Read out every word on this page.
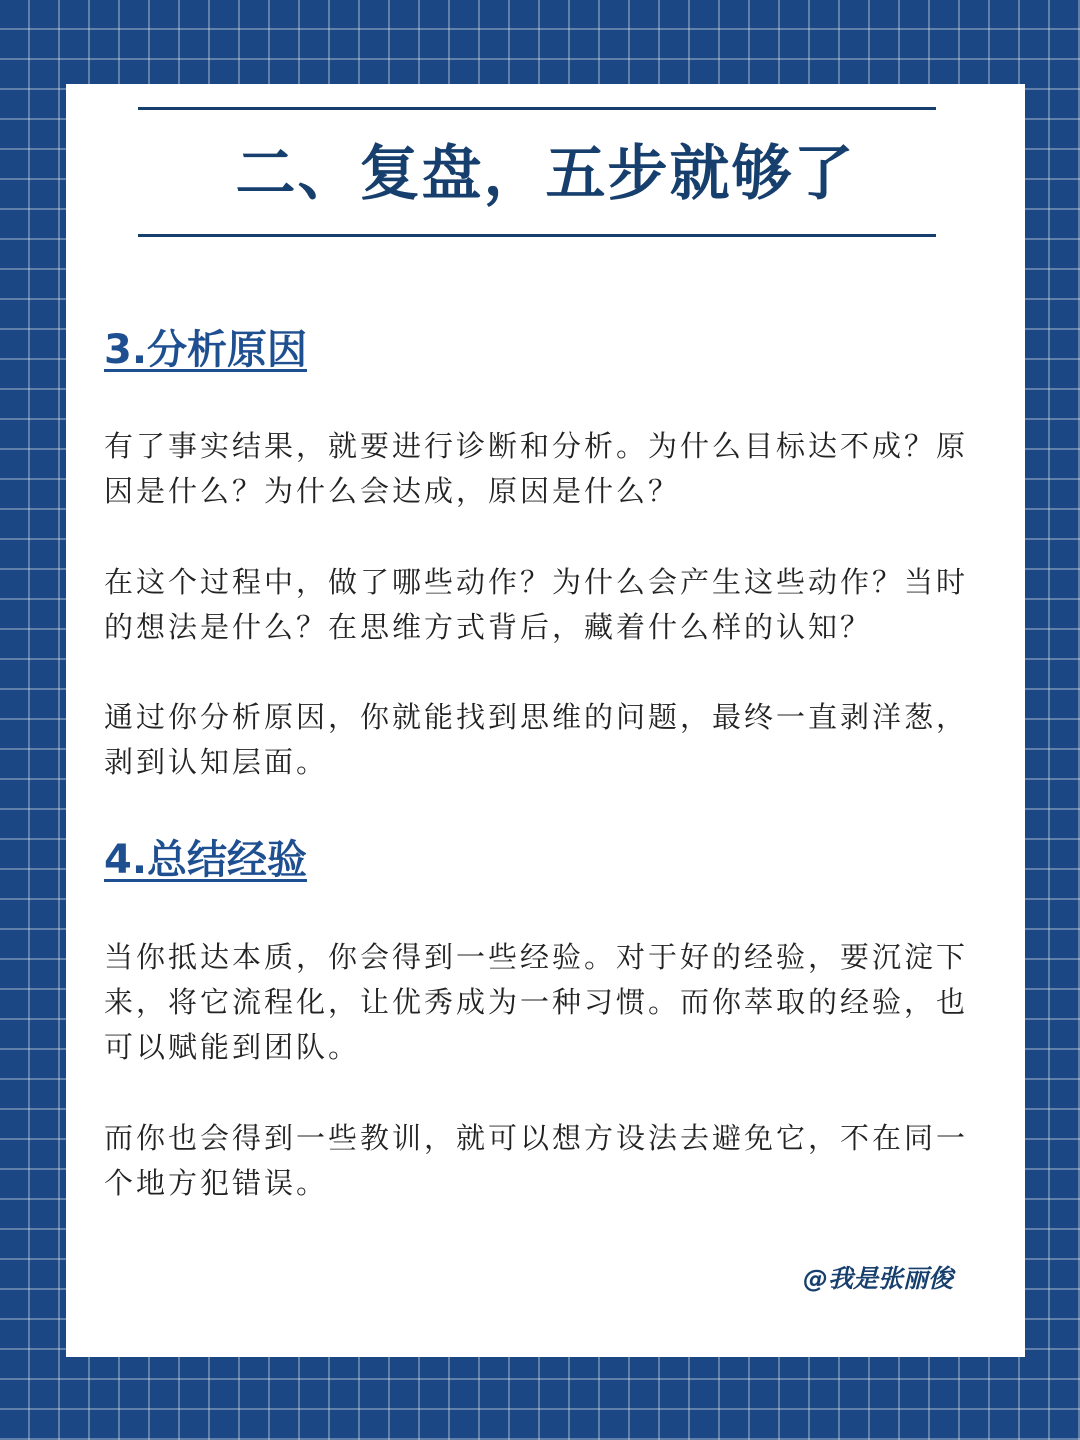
二、复盘，五步就够了
3.分析原因

有了事实结果，就要进行诊断和分析。为什么目标达不成？原因是什么？为什么会达成，原因是什么？

在这个过程中，做了哪些动作？为什么会产生这些动作？当时的想法是什么？在思维方式背后，藏着什么样的认知？

通过你分析原因，你就能找到思维的问题，最终一直剥洋葱，剥到认知层面。

4.总结经验

当你抵达本质，你会得到一些经验。对于好的经验，要沉淀下来，将它流程化，让优秀成为一种习惯。而你萃取的经验，也可以赋能到团队。

而你也会得到一些教训，就可以想方设法去避免它，不在同一个地方犯错误。

@我是张丽俊
